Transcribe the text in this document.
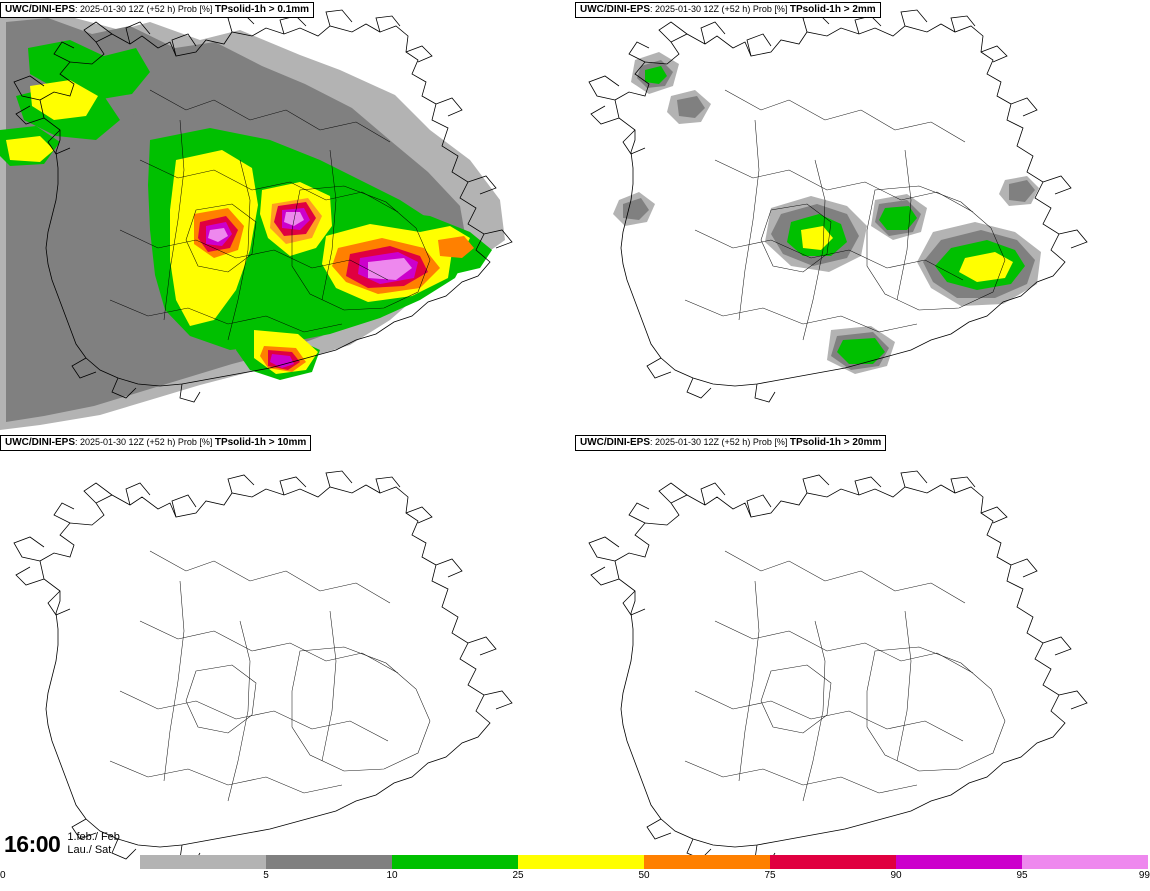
UWC/DINI-EPS: 2025-01-30 12Z (+52 h) Prob [%] TPsolid-1h > 0.1mm	UWC/DINI-EPS: 2025-01-30 12Z (+52 h) Prob [%] TPsolid-1h > 2mm
UWC/DINI-EPS: 2025-01-30 12Z (+52 h) Prob [%] TPsolid-1h > 10mm	UWC/DINI-EPS: 2025-01-30 12Z (+52 h) Prob [%] TPsolid-1h > 20mm
16:00 1.feb./ Feb
Lau./ Sat
5	10	25	50	75	90	95
0	99
